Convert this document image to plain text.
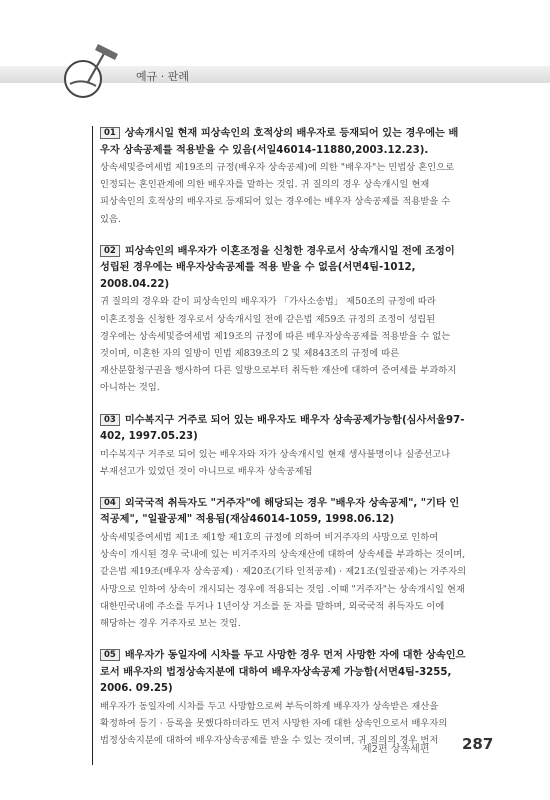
예규 · 판례
01 상속개시일 현재 피상속인의 호적상의 배우자로 등재되어 있는 경우에는 배우자 상속공제를 적용받을 수 있음(서일46014-11880,2003.12.23).
상속세및증여세법 제19조의 규정(배우자 상속공제)에 의한 "배우자"는 민법상 혼인으로 인정되는 혼인관계에 의한 배우자를 말하는 것임. 귀 질의의 경우 상속개시일 현재 피상속인의 호적상의 배우자로 등재되어 있는 경우에는 배우자 상속공제를 적용받을 수 있음.
02 피상속인의 배우자가 이혼조정을 신청한 경우로서 상속개시일 전에 조정이 성립된 경우에는 배우자상속공제를 적용 받을 수 없음(서면4팀-1012, 2008.04.22)
귀 질의의 경우와 같이 피상속인의 배우자가 「가사소송법」 제50조의 규정에 따라 이혼조정을 신청한 경우로서 상속개시일 전에 같은법 제59조 규정의 조정이 성립된 경우에는 상속세및증여세법 제19조의 규정에 따른 배우자상속공제를 적용받을 수 없는 것이며, 이혼한 자의 일방이 민법 제839조의 2 및 제843조의 규정에 따른 재산분할청구권을 행사하여 다른 일방으로부터 취득한 재산에 대하여 증여세를 부과하지 아니하는 것임.
03 미수복지구 거주로 되어 있는 배우자도 배우자 상속공제가능함(심사서울97-402, 1997.05.23)
미수복지구 거주로 되어 있는 배우자와 자가 상속개시일 현재 생사불명이나 실종선고나 부재선고가 있었던 것이 아니므로 배우자 상속공제됨
04 외국국적 취득자도 "거주자"에 해당되는 경우 "배우자 상속공제", "기타 인적공제", "일괄공제" 적용됨(재삼46014-1059, 1998.06.12)
상속세및증여세법 제1조 제1항 제1호의 규정에 의하여 비거주자의 사망으로 인하여 상속이 개시된 경우 국내에 있는 비거주자의 상속재산에 대하여 상속세를 부과하는 것이며, 같은법 제19조(배우자 상속공제) · 제20조(기타 인적공제) · 제21조(일괄공제)는 거주자의 사망으로 인하여 상속이 개시되는 경우에 적용되는 것임 .이때 "거주자"는 상속개시일 현재 대한민국내에 주소를 두거나 1년이상 거소를 둔 자를 말하며, 외국국적 취득자도 이에 해당하는 경우 거주자로 보는 것임.
05 배우자가 동일자에 시차를 두고 사망한 경우 먼저 사망한 자에 대한 상속인으로서 배우자의 법정상속지분에 대하여 배우자상속공제 가능함(서면4팀-3255, 2006. 09.25)
배우자가 동일자에 시차를 두고 사망함으로써 부득이하게 배우자가 상속받은 재산을 확정하여 등기 · 등록을 못했다하더라도 먼저 사망한 자에 대한 상속인으로서 배우자의 법정상속지분에 대하여 배우자상속공제를 받을 수 있는 것이며, 귀 질의의 경우 번저
제2편 상속세편 287
